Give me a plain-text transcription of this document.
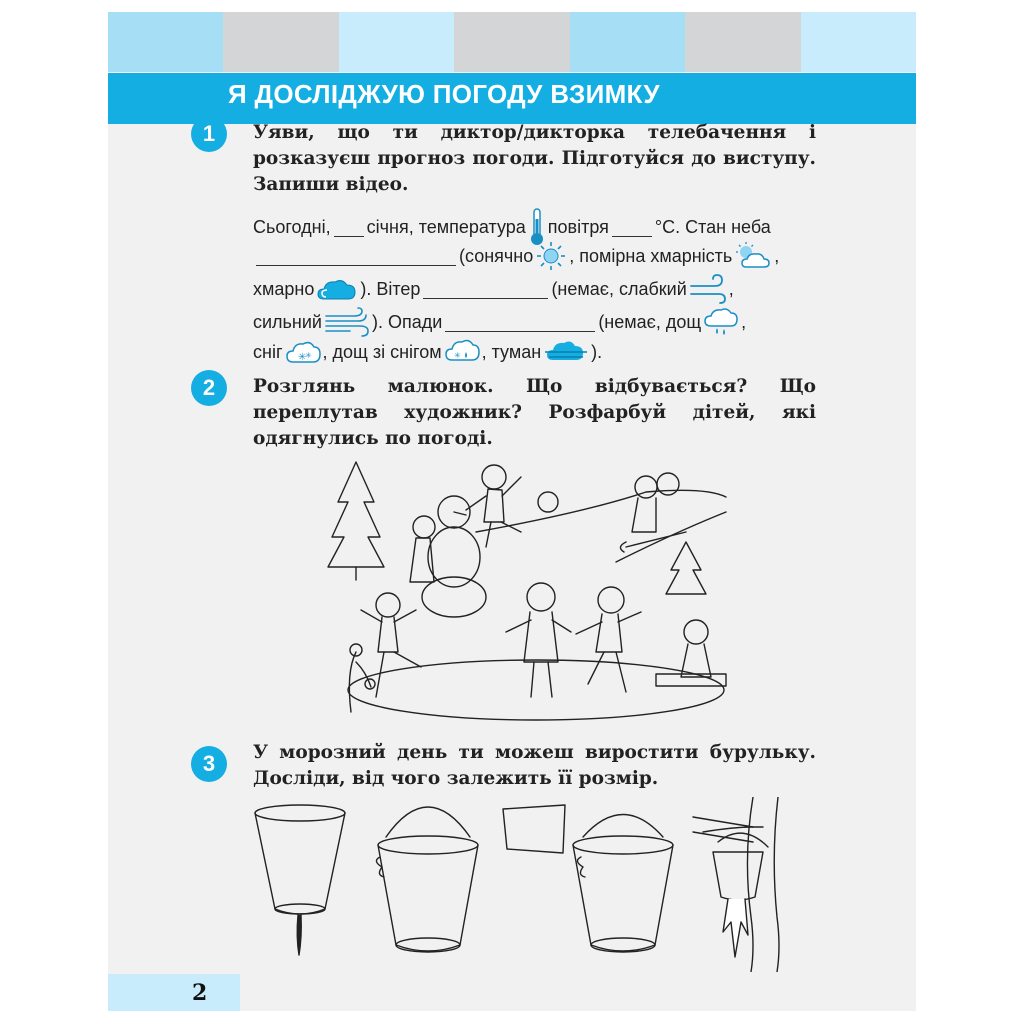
Я ДОСЛІДЖУЮ ПОГОДУ ВЗИМКУ
1	Уяви, що ти диктор/дикторка телебачення і розказуєш прогноз погоди. Підготуйся до виступу. Запиши відео.
Сьогодні, січня, температура повітря	°С. Стан неба
(сонячно , помірна хмарність ,
хмарно	). Вітер	(немає, слабкий ,
сильний	). Опади	(немає, дощ ,
сніг ✳
✳ , дощ зі снігом ✳ , туман	).
2	Розглянь малюнок. Що відбувається? Що переплутав художник? Розфарбуй дітей, які одягнулись по погоді.
3	У морозний день ти можеш виростити бурульку. Досліди, від чого залежить її розмір.
2
